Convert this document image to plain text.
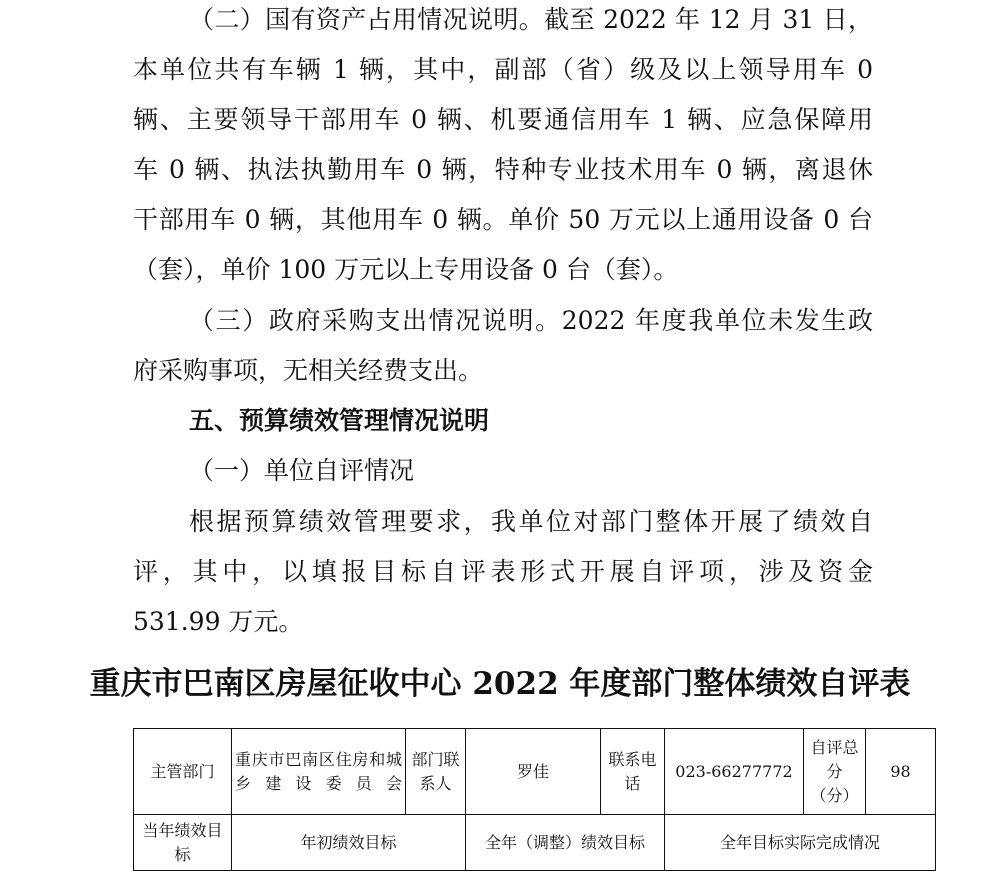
（二）国有资产占用情况说明。截至 2022 年 12 月 31 日，
本单位共有车辆 1 辆，其中，副部（省）级及以上领导用车 0
辆、主要领导干部用车 0 辆、机要通信用车 1 辆、应急保障用
车 0 辆、执法执勤用车 0 辆，特种专业技术用车 0 辆，离退休
干部用车 0 辆，其他用车 0 辆。单价 50 万元以上通用设备 0 台
（套），单价 100 万元以上专用设备 0 台（套）。
（三）政府采购支出情况说明。2022 年度我单位未发生政
府采购事项，无相关经费支出。
五、预算绩效管理情况说明
（一）单位自评情况
根据预算绩效管理要求，我单位对部门整体开展了绩效自
评，其中，以填报目标自评表形式开展自评项，涉及资金
531.99 万元。
重庆市巴南区房屋征收中心 2022 年度部门整体绩效自评表
主管部门	重庆市巴南区住房和城乡建设委员会	部门联系人	罗佳	联系电话	023-66277772	自评总分（分）	98
当年绩效目标	年初绩效目标		全年（调整）绩效目标		全年目标实际完成情况		
